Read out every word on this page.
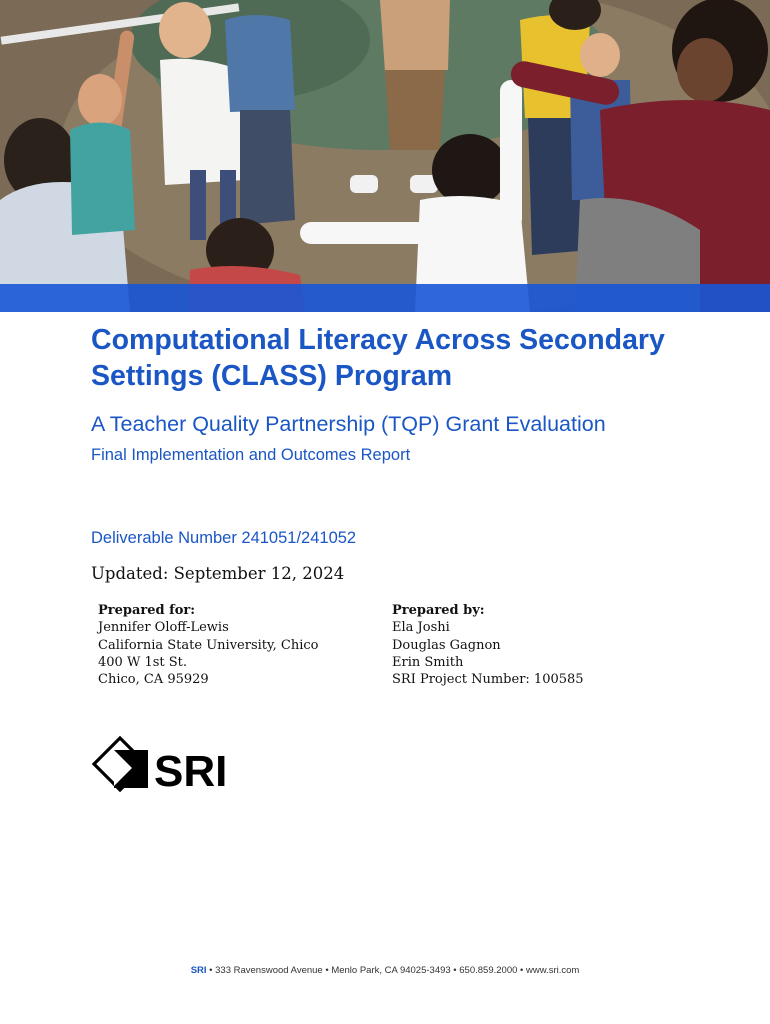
Computational Literacy Across Secondary Settings (CLASS) Program

A Teacher Quality Partnership (TQP) Grant Evaluation

Final Implementation and Outcomes Report

Deliverable Number 241051/241052

Updated: September 12, 2024

Prepared for:
Jennifer Oloff-Lewis
California State University, Chico
400 W 1st St.
Chico, CA 95929
Prepared by:
Ela Joshi
Douglas Gagnon
Erin Smith
SRI Project Number: 100585
SRI
SRI • 333 Ravenswood Avenue • Menlo Park, CA 94025-3493 • 650.859.2000 • www.sri.com
